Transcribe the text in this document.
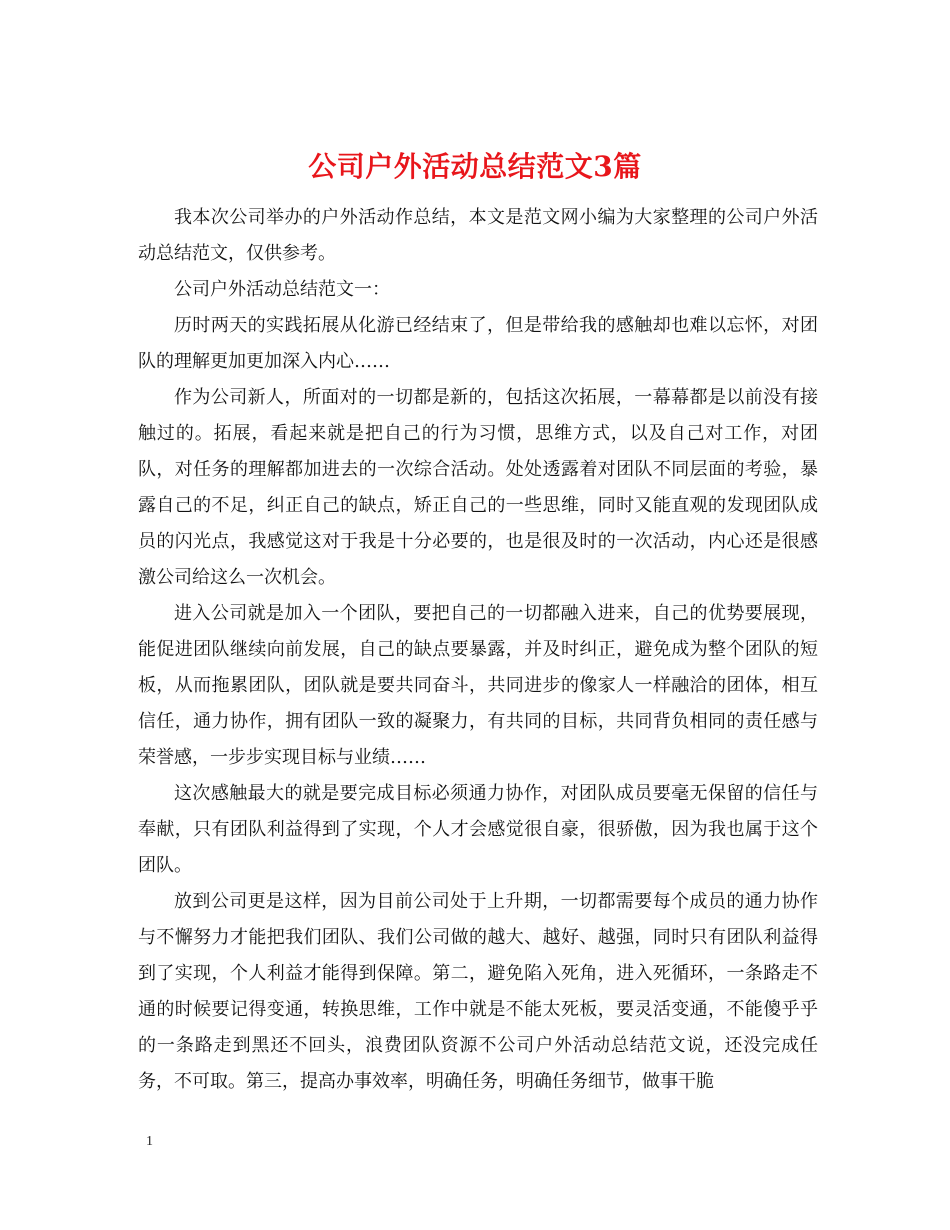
公司户外活动总结范文3篇

我本次公司举办的户外活动作总结，本文是范文网小编为大家整理的公司户外活动总结范文，仅供参考。

公司户外活动总结范文一：

历时两天的实践拓展从化游已经结束了，但是带给我的感触却也难以忘怀，对团队的理解更加更加深入内心……

作为公司新人，所面对的一切都是新的，包括这次拓展，一幕幕都是以前没有接触过的。拓展，看起来就是把自己的行为习惯，思维方式，以及自己对工作，对团队，对任务的理解都加进去的一次综合活动。处处透露着对团队不同层面的考验，暴露自己的不足，纠正自己的缺点，矫正自己的一些思维，同时又能直观的发现团队成员的闪光点，我感觉这对于我是十分必要的，也是很及时的一次活动，内心还是很感激公司给这么一次机会。

进入公司就是加入一个团队，要把自己的一切都融入进来，自己的优势要展现，能促进团队继续向前发展，自己的缺点要暴露，并及时纠正，避免成为整个团队的短板，从而拖累团队，团队就是要共同奋斗，共同进步的像家人一样融洽的团体，相互信任，通力协作，拥有团队一致的凝聚力，有共同的目标，共同背负相同的责任感与荣誉感，一步步实现目标与业绩……

这次感触最大的就是要完成目标必须通力协作，对团队成员要毫无保留的信任与奉献，只有团队利益得到了实现，个人才会感觉很自豪，很骄傲，因为我也属于这个团队。

放到公司更是这样，因为目前公司处于上升期，一切都需要每个成员的通力协作与不懈努力才能把我们团队、我们公司做的越大、越好、越强，同时只有团队利益得到了实现，个人利益才能得到保障。第二，避免陷入死角，进入死循环，一条路走不通的时候要记得变通，转换思维，工作中就是不能太死板，要灵活变通，不能傻乎乎的一条路走到黑还不回头，浪费团队资源不公司户外活动总结范文说，还没完成任务，不可取。第三，提高办事效率，明确任务，明确任务细节，做事干脆

1
